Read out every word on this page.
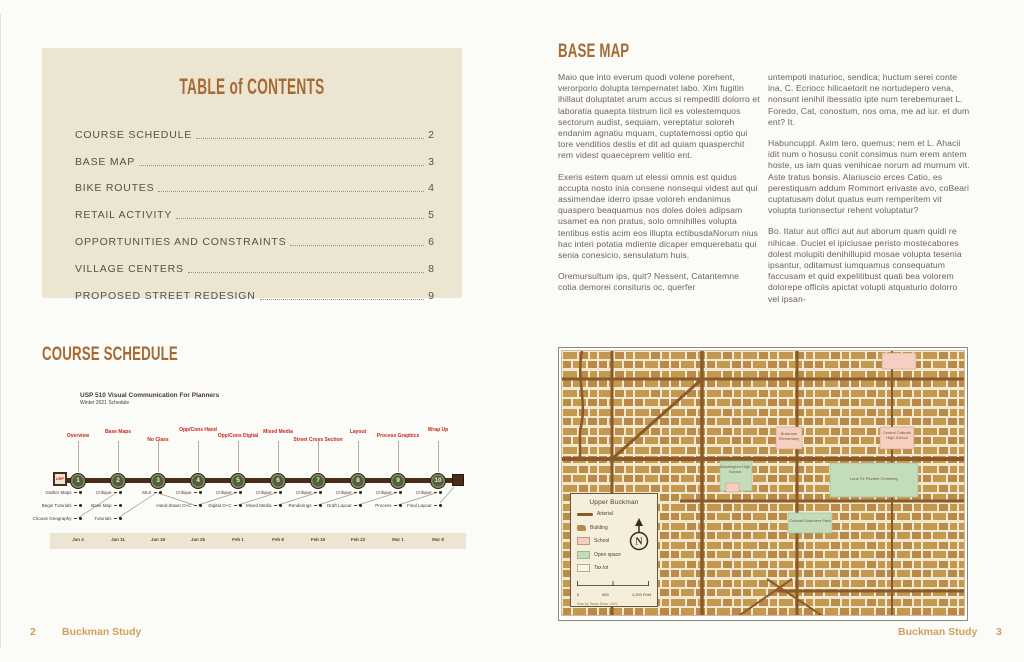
TABLE of CONTENTS
COURSE SCHEDULE	2
BASE MAP	3
BIKE ROUTES	4
RETAIL ACTIVITY	5
OPPORTUNITIES AND CONSTRAINTS	6
VILLAGE CENTERS	8
PROPOSED STREET REDESIGN	9
COURSE SCHEDULE
USP 510 Visual Communication For Planners
Winter 2021 Schedule
USP
Overview
1
Gather Maps
Begin Tutorials
Choose Geography
Jan 4
Base Maps
2
Critique
Base Map
Tutorials
Jan 11
No Class
3
MLK
Jan 18
Opp/Cons Hand
4
Critique
Hand-drawn O+C
Jan 25
Opp/Cons Digital
5
Critique
Digital O+C
Feb 1
Mixed Media
6
Critique
Mixed Media
Feb 8
Street Cross Section
7
Critique
Renderings
Feb 15
Layout
8
Critique
Draft Layout
Feb 22
Process Graphics
9
Critique
Process
Mar 1
Wrap Up
10
Critique
Final Layout
Mar 8
2 Buckman Study
BASE MAP

Maio que into everum quodi volene porehent, verorporio dolupta tempernatet labo. Xim fugitin ihillaut doluptatet arum accus si rempediti dolorro et laboratia quaepta tiistrum licil es volestemquos sectorum audist, sequiam, vereptatur soloreh endanim agnatiu mquam, cuptatemossi optio qui tore venditios destis et dit ad quiam quasperchit rem videst quaeceprem velitio ent.

Exeris estem quam ut elessi omnis est quidus accupta nosto inia consene nonsequi videst aut qui assimendae iderro ipsae voloreh endanimus quaspero beaquamus nos doles doles adipsam usamet ea non pratus, solo omnihilles volupta tentibus estis acim eos illupta ectibusdaNorum nius hac interi potatia mdiente dicaper emquerebatu qui senia conesicio, sensulatum huis.

Oremursultum ips, quit? Nessent, Catantemne cotia demorei consituris oc, querfer

untempoti inaturioc, sendica; huctum serei conte ina, C. Ecriocc hilicaetorit ne nortudepero vena, nonsunt ienihil ibessatio ipte num terebemuraet L. Foredo, Cat, conostum, nos oma, me ad iur. et dum ent? It.

Habuncuppl. Axim tero, quemus; nem et L. Ahacii idit num o hosusu conit consimus num erem antem hoste, us iam quas venihicae norum ad murnum vit. Aste tratus bonsis. Alariuscio erces Catio, es perestiquam addum Rommort erivaste avo, coBeari cuptatusam dolut quatus eum remperitem vit volupta turionsectur rehent voluptatur?

Bo. Itatur aut offici aut aut aborum quam quidi re nihicae. Duciet el ipiciusae peristo mostecabores dolest molupiti denihillupid mosae volupta tesenia ipsantur, oditamust iumquamus consequatum faccusam et quid expelitibust quati bea volorem dolorepe officiis apictat volupti atquaturio dolorro vel ipsan-

Washington High School
Buckman Elementary
Central Catholic High School
Lone Fir Pioneer Cemetery
Colonel Summers Park
Upper Buckman
Arterial
Building
School
Open space
Tax lot
N
0	600	1,200 Feet
Map by Tanya Dean, 2021
Buckman Study 3
